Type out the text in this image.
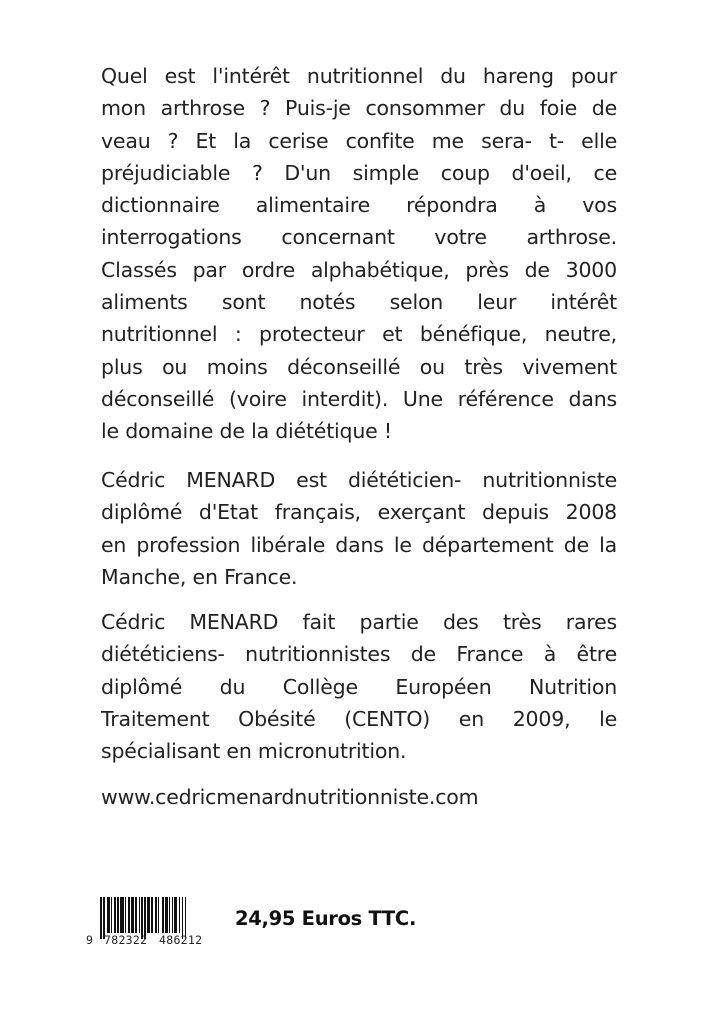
Quel est l'intérêt nutritionnel du hareng pour
mon arthrose ? Puis-je consommer du foie de
veau ? Et la cerise confite me sera- t- elle
préjudiciable ? D'un simple coup d'oeil, ce
dictionnaire alimentaire répondra à vos
interrogations concernant votre arthrose.
Classés par ordre alphabétique, près de 3000
aliments sont notés selon leur intérêt
nutritionnel : protecteur et bénéfique, neutre,
plus ou moins déconseillé ou très vivement
déconseillé (voire interdit). Une référence dans
le domaine de la diététique !
Cédric MENARD est diététicien- nutritionniste
diplômé d'Etat français, exerçant depuis 2008
en profession libérale dans le département de la
Manche, en France.
Cédric MENARD fait partie des très rares
diététiciens- nutritionnistes de France à être
diplômé du Collège Européen Nutrition
Traitement Obésité (CENTO) en 2009, le
spécialisant en micronutrition.
www.cedricmenardnutritionniste.com
9 782322 486212
24,95 Euros TTC.
